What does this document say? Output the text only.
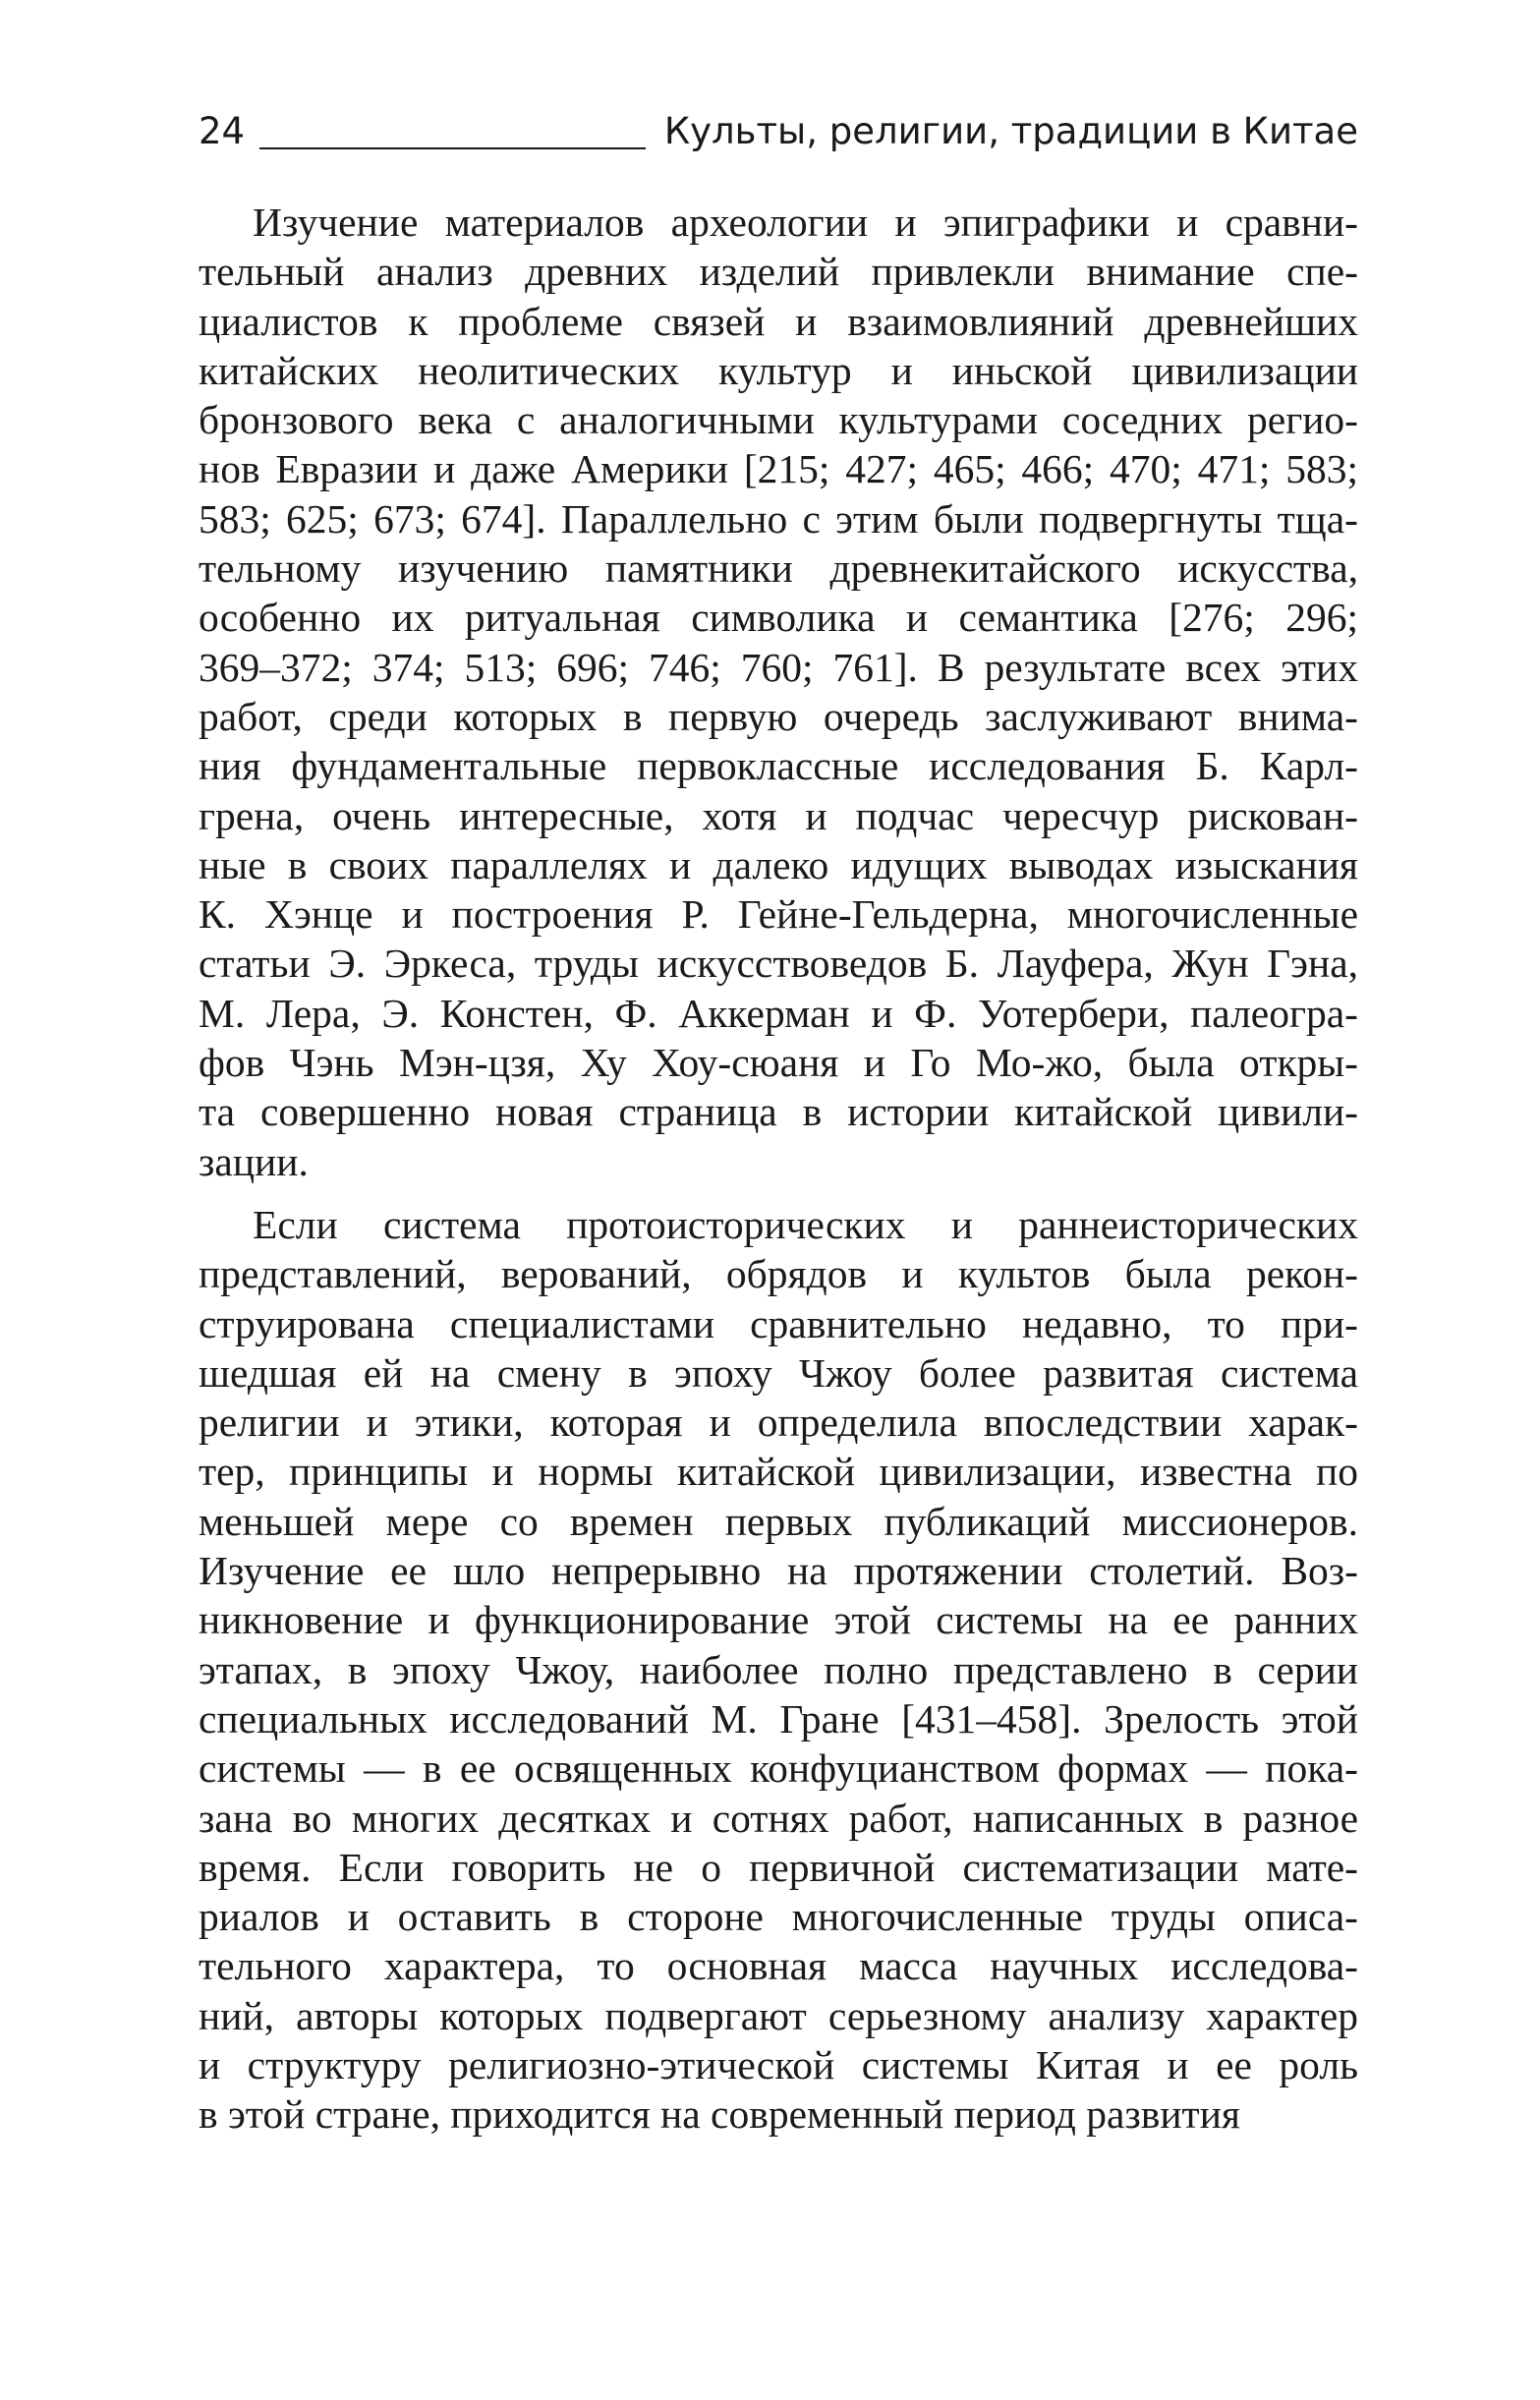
24	Культы, религии, традиции в Китае
Изучение материалов археологии и эпиграфики и сравни-
тельный анализ древних изделий привлекли внимание спе-
циалистов к проблеме связей и взаимовлияний древнейших
китайских неолитических культур и иньской цивилизации
бронзового века с аналогичными культурами соседних регио-
нов Евразии и даже Америки [215; 427; 465; 466; 470; 471; 583;
583; 625; 673; 674]. Параллельно с этим были подвергнуты тща-
тельному изучению памятники древнекитайского искусства,
особенно их ритуальная символика и семантика [276; 296;
369–372; 374; 513; 696; 746; 760; 761]. В результате всех этих
работ, среди которых в первую очередь заслуживают внима-
ния фундаментальные первоклассные исследования Б. Карл-
грена, очень интересные, хотя и подчас чересчур рискован-
ные в своих параллелях и далеко идущих выводах изыскания
К. Хэнце и построения Р. Гейне-Гельдерна, многочисленные
статьи Э. Эркеса, труды искусствоведов Б. Лауфера, Жун Гэна,
М. Лера, Э. Констен, Ф. Аккерман и Ф. Уотербери, палеогра-
фов Чэнь Мэн-цзя, Ху Хоу-сюаня и Го Мо-жо, была откры-
та совершенно новая страница в истории китайской цивили-
зации.
Если система протоисторических и раннеисторических
представлений, верований, обрядов и культов была рекон-
струирована специалистами сравнительно недавно, то при-
шедшая ей на смену в эпоху Чжоу более развитая система
религии и этики, которая и определила впоследствии харак-
тер, принципы и нормы китайской цивилизации, известна по
меньшей мере со времен первых публикаций миссионеров.
Изучение ее шло непрерывно на протяжении столетий. Воз-
никновение и функционирование этой системы на ее ранних
этапах, в эпоху Чжоу, наиболее полно представлено в серии
специальных исследований М. Гране [431–458]. Зрелость этой
системы — в ее освященных конфуцианством формах — пока-
зана во многих десятках и сотнях работ, написанных в разное
время. Если говорить не о первичной систематизации мате-
риалов и оставить в стороне многочисленные труды описа-
тельного характера, то основная масса научных исследова-
ний, авторы которых подвергают серьезному анализу характер
и структуру религиозно-этической системы Китая и ее роль
в этой стране, приходится на современный период развития
